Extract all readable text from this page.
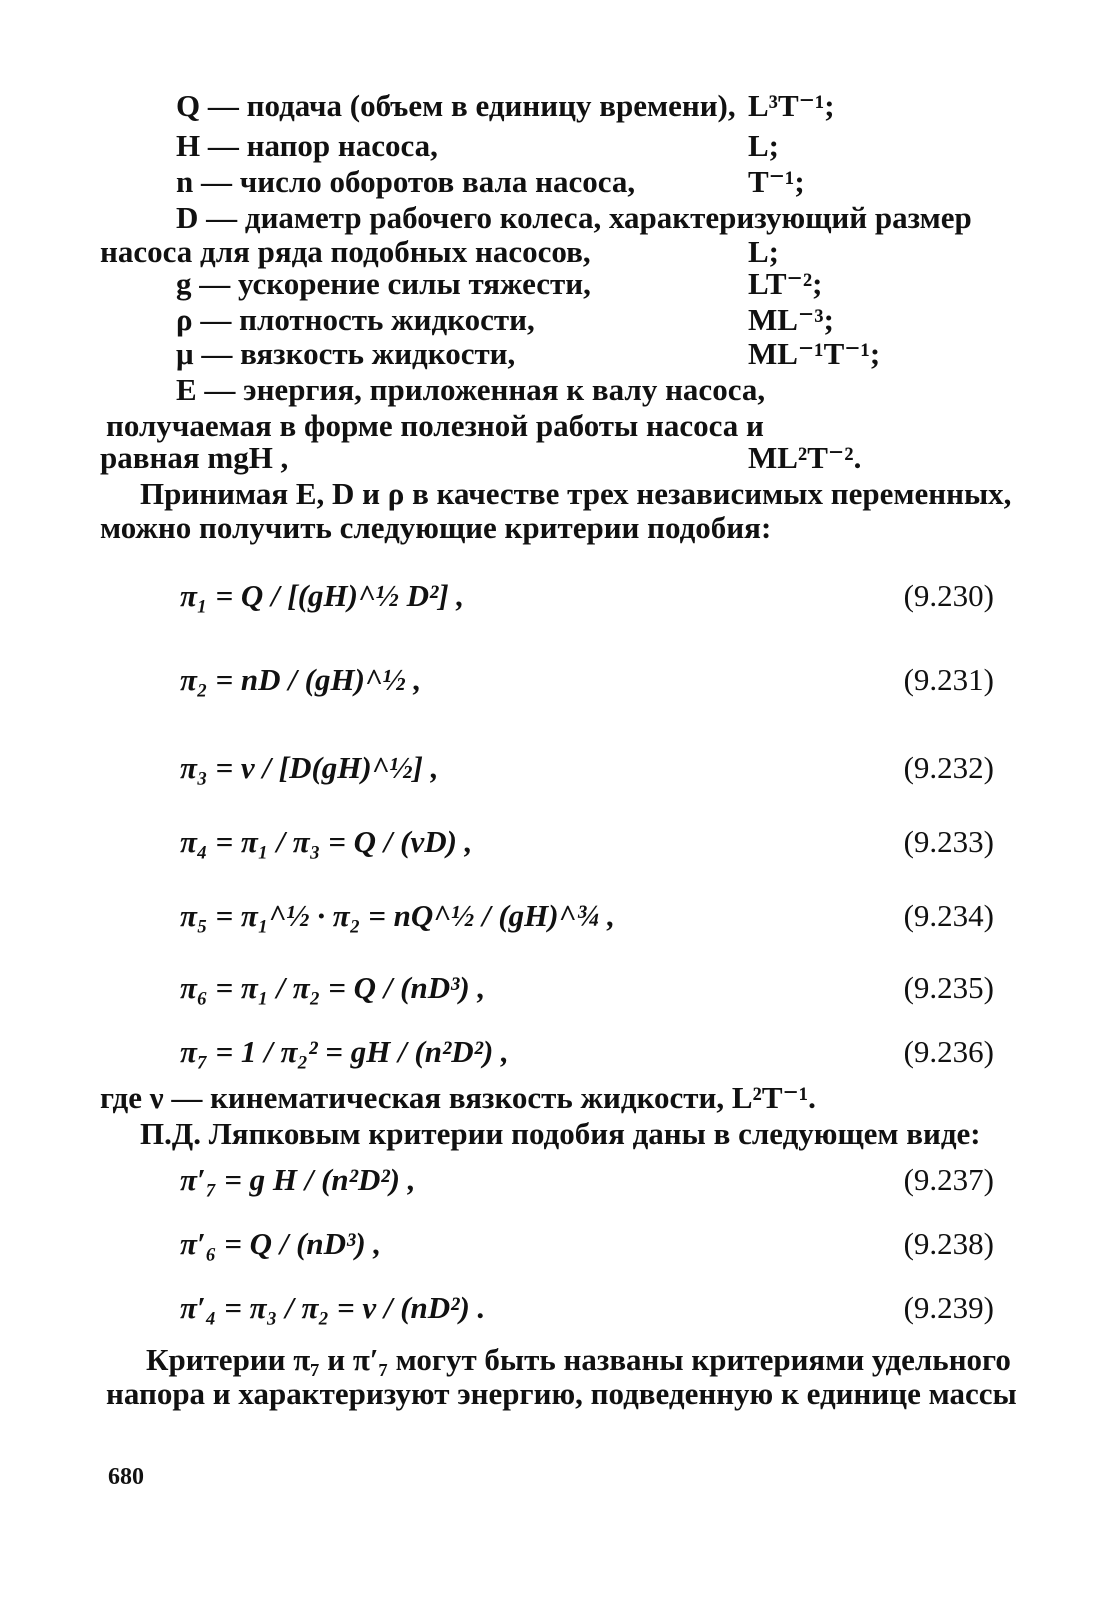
Q — подача (объем в единицу времени), L³T⁻¹;
H — напор насоса,	L;
n — число оборотов вала насоса,	T⁻¹;
D — диаметр рабочего колеса, характеризующий размер
насоса для ряда подобных насосов,	L;
g — ускорение силы тяжести,	LT⁻²;
ρ — плотность жидкости,	ML⁻³;
μ — вязкость жидкости,	ML⁻¹T⁻¹;
E — энергия, приложенная к валу насоса,
получаемая в форме полезной работы насоса и
равная mgH ,	ML²T⁻².
Принимая E, D и ρ в качестве трех независимых переменных,
можно получить следующие критерии подобия:
π₁ = Q / [(gH)^½ D²] ,	(9.230)
π₂ = nD / (gH)^½ ,	(9.231)
π₃ = ν / [D(gH)^½] ,	(9.232)
π₄ = π₁ / π₃ = Q / (νD) ,	(9.233)
π₅ = π₁^½ · π₂ = nQ^½ / (gH)^¾ ,	(9.234)
π₆ = π₁ / π₂ = Q / (nD³) ,	(9.235)
π₇ = 1 / π₂² = gH / (n²D²) ,	(9.236)
где ν — кинематическая вязкость жидкости, L²T⁻¹.
П.Д. Ляпковым критерии подобия даны в следующем виде:
π′₇ = g H / (n²D²) ,	(9.237)
π′₆ = Q / (nD³) ,	(9.238)
π′₄ = π₃ / π₂ = ν / (nD²) .	(9.239)
Критерии π₇ и π′₇ могут быть названы критериями удельного
напора и характеризуют энергию, подведенную к единице массы
680
